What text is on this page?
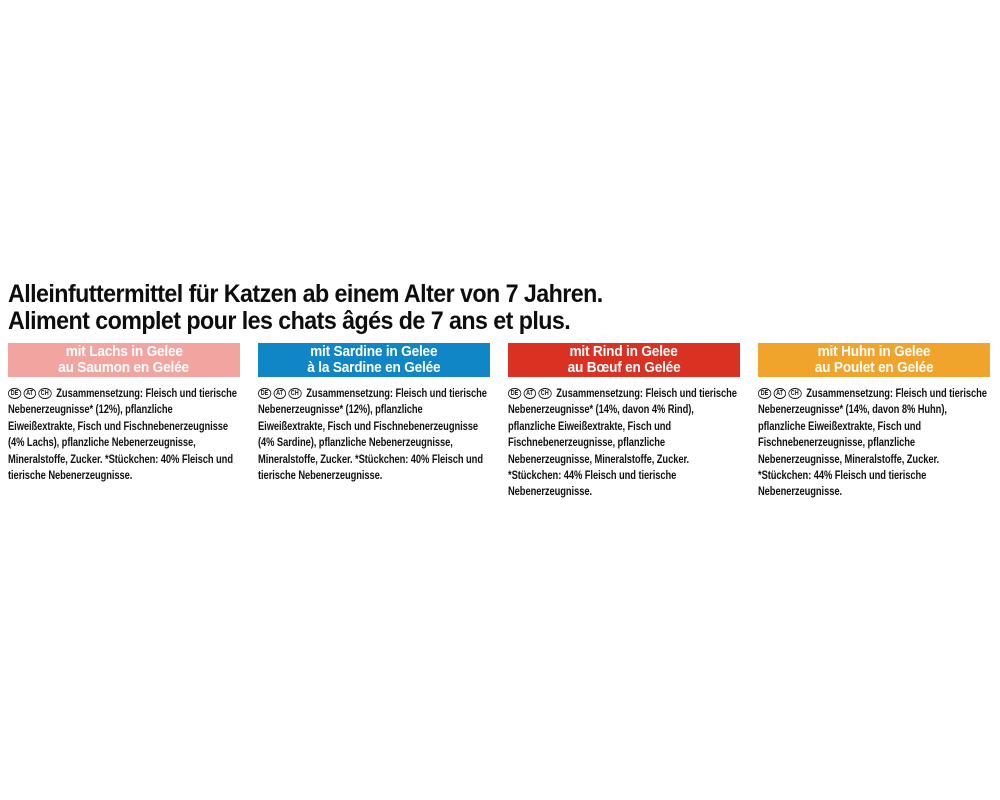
Alleinfuttermittel für Katzen ab einem Alter von 7 Jahren.
Aliment complet pour les chats âgés de 7 ans et plus.
mit Lachs in Gelee
au Saumon en Gelée

DE AT CH Zusammensetzung: Fleisch und tierische Nebenerzeugnisse* (12%), pflanzliche Eiweißextrakte, Fisch und Fischnebenerzeugnisse (4% Lachs), pflanzliche Nebenerzeugnisse, Mineralstoffe, Zucker. *Stückchen: 40% Fleisch und tierische Nebenerzeugnisse.

mit Sardine in Gelee
à la Sardine en Gelée

DE AT CH Zusammensetzung: Fleisch und tierische Nebenerzeugnisse* (12%), pflanzliche Eiweißextrakte, Fisch und Fischnebenerzeugnisse (4% Sardine), pflanzliche Nebenerzeugnisse, Mineralstoffe, Zucker. *Stückchen: 40% Fleisch und tierische Nebenerzeugnisse.

mit Rind in Gelee
au Bœuf en Gelée

DE AT CH Zusammensetzung: Fleisch und tierische Nebenerzeugnisse* (14%, davon 4% Rind), pflanzliche Eiweißextrakte, Fisch und Fischnebenerzeugnisse, pflanzliche Nebenerzeugnisse, Mineralstoffe, Zucker. *Stückchen: 44% Fleisch und tierische Nebenerzeugnisse.

mit Huhn in Gelee
au Poulet en Gelée

DE AT CH Zusammensetzung: Fleisch und tierische Nebenerzeugnisse* (14%, davon 8% Huhn), pflanzliche Eiweißextrakte, Fisch und Fischnebenerzeugnisse, pflanzliche Nebenerzeugnisse, Mineralstoffe, Zucker. *Stückchen: 44% Fleisch und tierische Nebenerzeugnisse.
